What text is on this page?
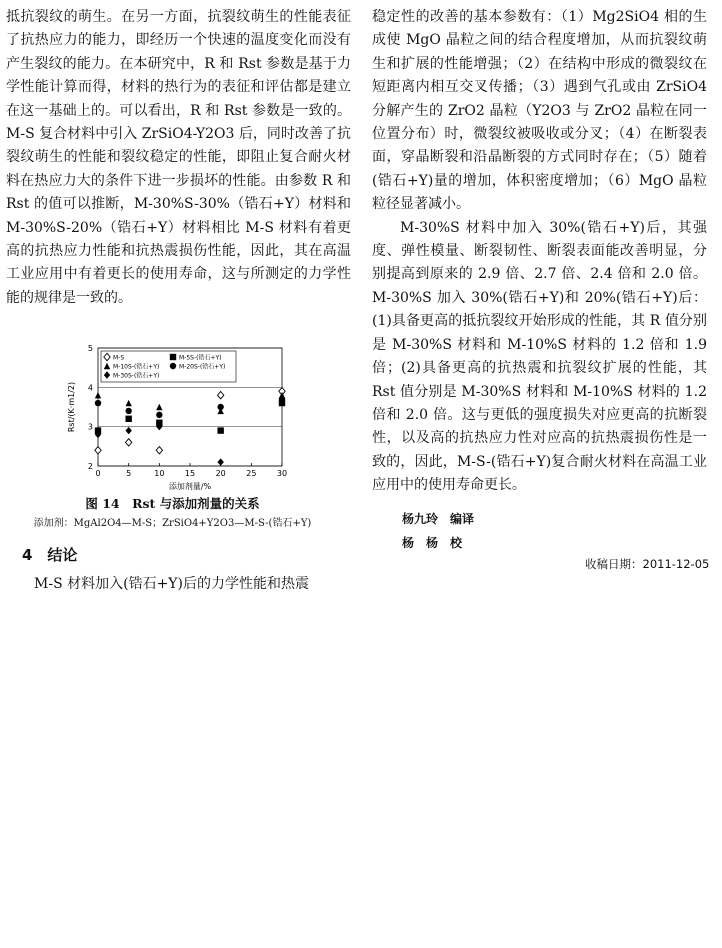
抵抗裂纹的萌生。在另一方面，抗裂纹萌生的性能表征了抗热应力的能力，即经历一个快速的温度变化而没有产生裂纹的能力。在本研究中，R 和 Rst 参数是基于力学性能计算而得，材料的热行为的表征和评估都是建立在这一基础上的。可以看出，R 和 Rst 参数是一致的。M-S 复合材料中引入 ZrSiO4-Y2O3 后，同时改善了抗裂纹萌生的性能和裂纹稳定的性能，即阻止复合耐火材料在热应力大的条件下进一步损坏的性能。由参数 R 和 Rst 的值可以推断，M-30%S-30%（锆石+Y）材料和 M-30%S-20%（锆石+Y）材料相比 M-S 材料有着更高的抗热应力性能和抗热震损伤性能，因此，其在高温工业应用中有着更长的使用寿命，这与所测定的力学性能的规律是一致的。

2
3
4
5
0	5	10	15	20	25	30
添加剂量/%
Rst/(K·m1/2)
M-S	M-5S-(锆石+Y)
M-10S-(锆石+Y)	M-20S-(锆石+Y)
M-30S-(锆石+Y)
图 14　Rst 与添加剂量的关系
添加剂：MgAl2O4—M-S；ZrSiO4+Y2O3—M-S-(锆石+Y)
4　结论

M-S 材料加入(锆石+Y)后的力学性能和热震

稳定性的改善的基本参数有：（1）Mg2SiO4 相的生成使 MgO 晶粒之间的结合程度增加，从而抗裂纹萌生和扩展的性能增强；（2）在结构中形成的微裂纹在短距离内相互交叉传播；（3）遇到气孔或由 ZrSiO4 分解产生的 ZrO2 晶粒（Y2O3 与 ZrO2 晶粒在同一位置分布）时，微裂纹被吸收或分叉；（4）在断裂表面，穿晶断裂和沿晶断裂的方式同时存在；（5）随着(锆石+Y)量的增加，体积密度增加；（6）MgO 晶粒粒径显著减小。

M-30%S 材料中加入 30%(锆石+Y)后，其强度、弹性模量、断裂韧性、断裂表面能改善明显，分别提高到原来的 2.9 倍、2.7 倍、2.4 倍和 2.0 倍。M-30%S 加入 30%(锆石+Y)和 20%(锆石+Y)后：(1)具备更高的抵抗裂纹开始形成的性能，其 R 值分别是 M-30%S 材料和 M-10%S 材料的 1.2 倍和 1.9 倍；(2)具备更高的抗热震和抗裂纹扩展的性能，其 Rst 值分别是 M-30%S 材料和 M-10%S 材料的 1.2 倍和 2.0 倍。这与更低的强度损失对应更高的抗断裂性，以及高的抗热应力性对应高的抗热震损伤性是一致的，因此，M-S-(锆石+Y)复合耐火材料在高温工业应用中的使用寿命更长。

杨九玲　编译
杨　杨　校
收稿日期：2011-12-05
